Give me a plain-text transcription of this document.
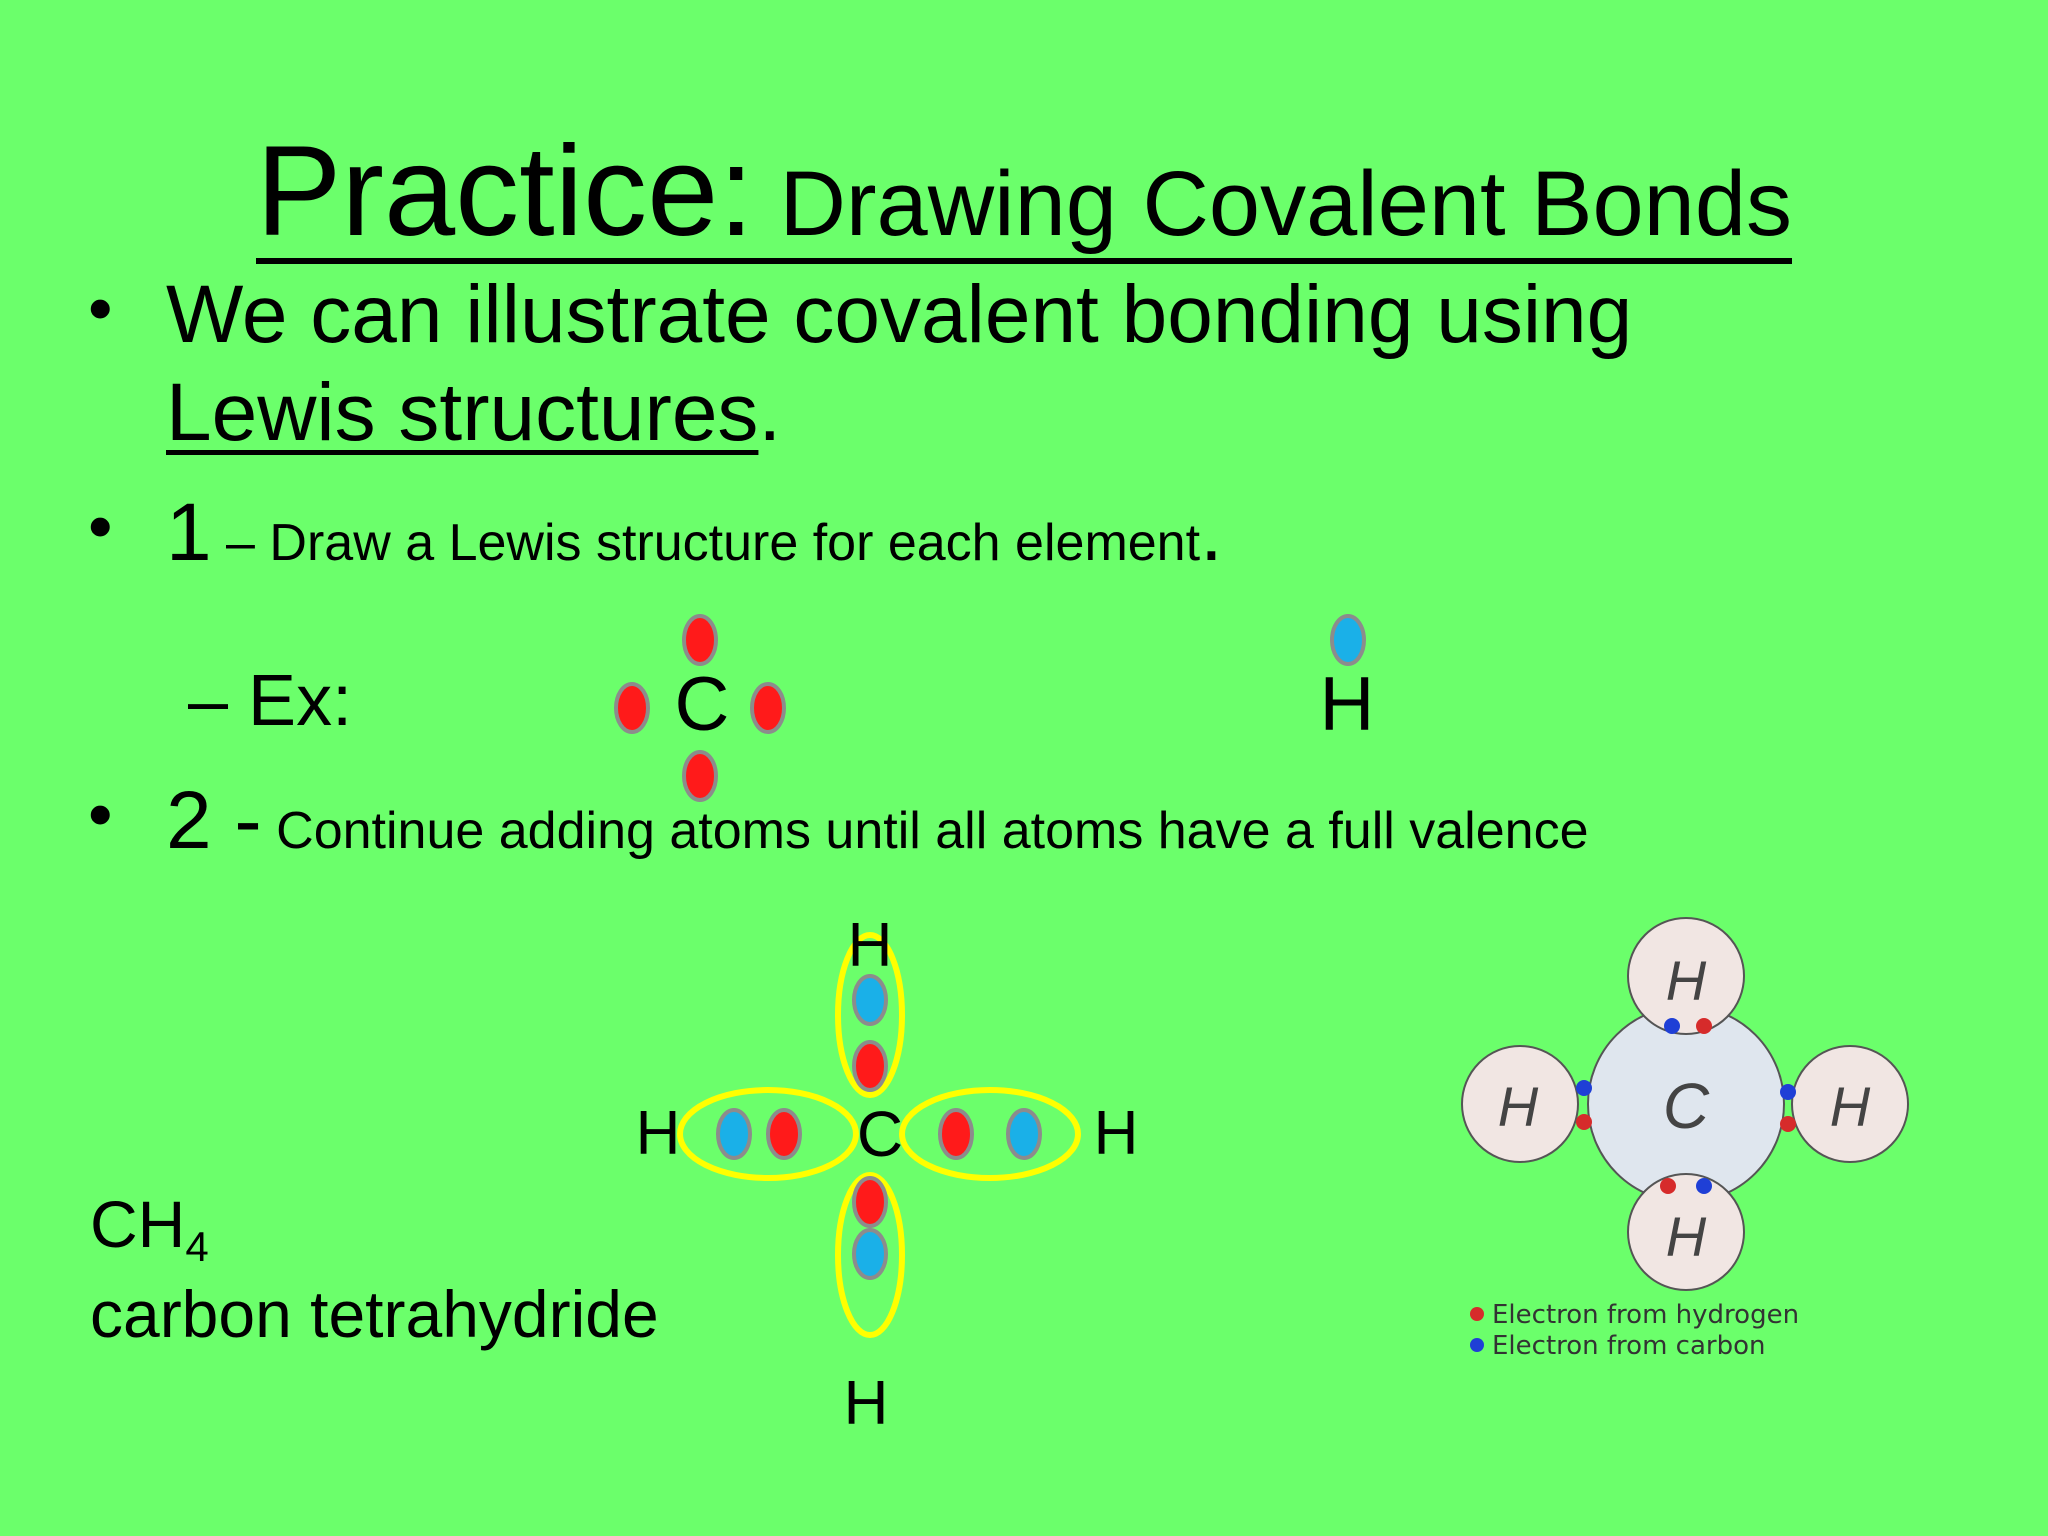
Practice: Drawing Covalent Bonds
• We can illustrate covalent bonding using
Lewis structures.
• 1 – Draw a Lewis structure for each element.
– Ex:
• 2 - Continue adding atoms until all atoms have a full valence
C	H
C
H
H
H	H	C
H
H
H	H
Electron from hydrogen
Electron from carbon
$CH_4$
carbon tetrahydride
